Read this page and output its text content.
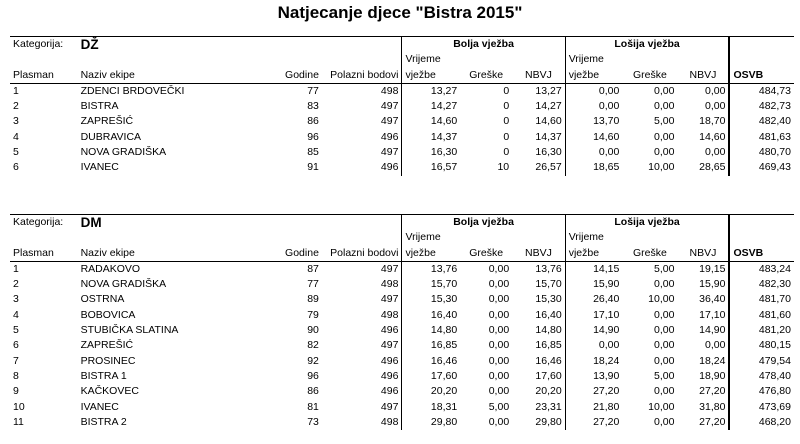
Natjecanje djece "Bistra 2015"
Kategorija:	DŽ			Bolja vježba			Lošija vježba			
				Vrijeme			Vrijeme			
Plasman	Naziv ekipe	Godine	Polazni bodovi	vježbe	Greške	NBVJ	vježbe	Greške	NBVJ	OSVB
1	ZDENCI BRDOVEČKI	77	498	13,27	0	13,27	0,00	0,00	0,00	484,73
2	BISTRA	83	497	14,27	0	14,27	0,00	0,00	0,00	482,73
3	ZAPREŠIĆ	86	497	14,60	0	14,60	13,70	5,00	18,70	482,40
4	DUBRAVICA	96	496	14,37	0	14,37	14,60	0,00	14,60	481,63
5	NOVA GRADIŠKA	85	497	16,30	0	16,30	0,00	0,00	0,00	480,70
6	IVANEC	91	496	16,57	10	26,57	18,65	10,00	28,65	469,43
Kategorija:	DM			Bolja vježba			Lošija vježba			
				Vrijeme			Vrijeme			
Plasman	Naziv ekipe	Godine	Polazni bodovi	vježbe	Greške	NBVJ	vježbe	Greške	NBVJ	OSVB
1	RADAKOVO	87	497	13,76	0,00	13,76	14,15	5,00	19,15	483,24
2	NOVA GRADIŠKA	77	498	15,70	0,00	15,70	15,90	0,00	15,90	482,30
3	OSTRNA	89	497	15,30	0,00	15,30	26,40	10,00	36,40	481,70
4	BOBOVICA	79	498	16,40	0,00	16,40	17,10	0,00	17,10	481,60
5	STUBIČKA SLATINA	90	496	14,80	0,00	14,80	14,90	0,00	14,90	481,20
6	ZAPREŠIĆ	82	497	16,85	0,00	16,85	0,00	0,00	0,00	480,15
7	PROSINEC	92	496	16,46	0,00	16,46	18,24	0,00	18,24	479,54
8	BISTRA 1	96	496	17,60	0,00	17,60	13,90	5,00	18,90	478,40
9	KAČKOVEC	86	496	20,20	0,00	20,20	27,20	0,00	27,20	476,80
10	IVANEC	81	497	18,31	5,00	23,31	21,80	10,00	31,80	473,69
11	BISTRA 2	73	498	29,80	0,00	29,80	27,20	0,00	27,20	468,20
